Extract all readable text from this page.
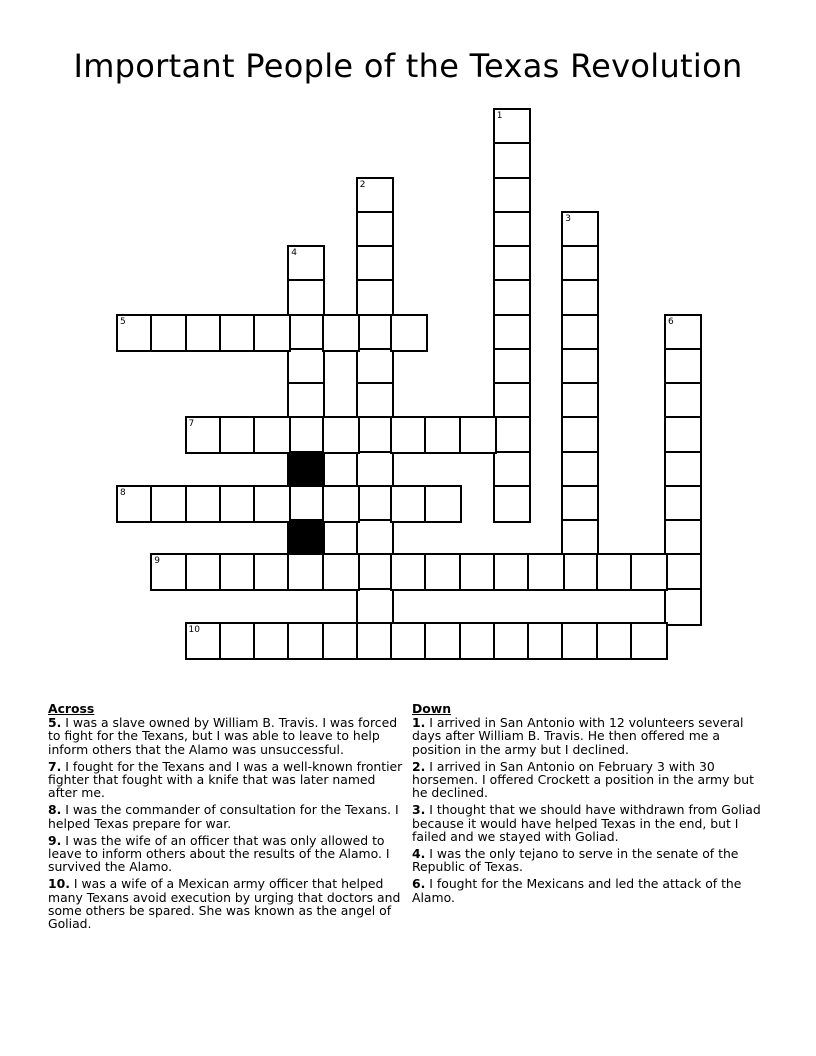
Important People of the Texas Revolution
1
2
3
4
5	6
7
8
9
10
Across
5. I was a slave owned by William B. Travis. I was forced to fight for the Texans, but I was able to leave to help inform others that the Alamo was unsuccessful.
7. I fought for the Texans and I was a well-known frontier fighter that fought with a knife that was later named after me.
8. I was the commander of consultation for the Texans. I helped Texas prepare for war.
9. I was the wife of an officer that was only allowed to leave to inform others about the results of the Alamo. I survived the Alamo.
10. I was a wife of a Mexican army officer that helped many Texans avoid execution by urging that doctors and some others be spared. She was known as the angel of Goliad.
Down
1. I arrived in San Antonio with 12 volunteers several days after William B. Travis. He then offered me a position in the army but I declined.
2. I arrived in San Antonio on February 3 with 30 horsemen. I offered Crockett a position in the army but he declined.
3. I thought that we should have withdrawn from Goliad because it would have helped Texas in the end, but I failed and we stayed with Goliad.
4. I was the only tejano to serve in the senate of the Republic of Texas.
6. I fought for the Mexicans and led the attack of the Alamo.
